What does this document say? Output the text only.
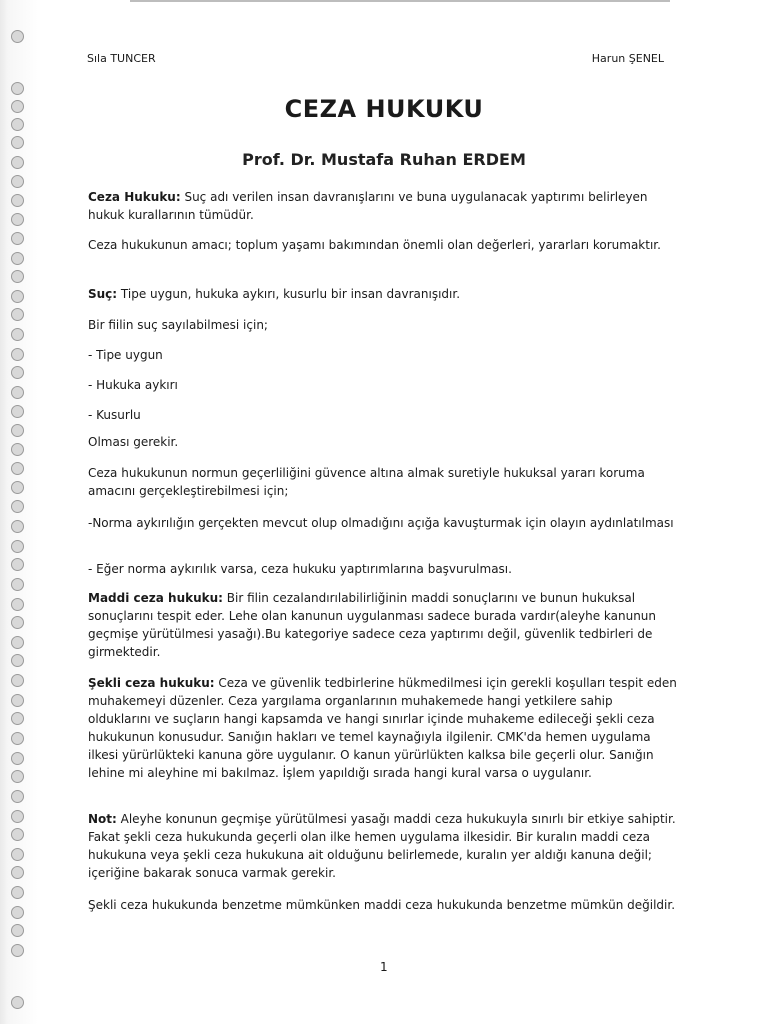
Sıla TUNCER	Harun ŞENEL
CEZA HUKUKU
Prof. Dr. Mustafa Ruhan ERDEM

Ceza Hukuku: Suç adı verilen insan davranışlarını ve buna uygulanacak yaptırımı belirleyen hukuk kurallarının tümüdür.

Ceza hukukunun amacı; toplum yaşamı bakımından önemli olan değerleri, yararları korumaktır.

Suç: Tipe uygun, hukuka aykırı, kusurlu bir insan davranışıdır.

Bir fiilin suç sayılabilmesi için;

- Tipe uygun

- Hukuka aykırı

- Kusurlu

Olması gerekir.

Ceza hukukunun normun geçerliliğini güvence altına almak suretiyle hukuksal yararı koruma amacını gerçekleştirebilmesi için;

-Norma aykırılığın gerçekten mevcut olup olmadığını açığa kavuşturmak için olayın aydınlatılması

- Eğer norma aykırılık varsa, ceza hukuku yaptırımlarına başvurulması.

Maddi ceza hukuku: Bir filin cezalandırılabilirliğinin maddi sonuçlarını ve bunun hukuksal sonuçlarını tespit eder. Lehe olan kanunun uygulanması sadece burada vardır(aleyhe kanunun geçmişe yürütülmesi yasağı).Bu kategoriye sadece ceza yaptırımı değil, güvenlik tedbirleri de girmektedir.

Şekli ceza hukuku: Ceza ve güvenlik tedbirlerine hükmedilmesi için gerekli koşulları tespit eden muhakemeyi düzenler. Ceza yargılama organlarının muhakemede hangi yetkilere sahip olduklarını ve suçların hangi kapsamda ve hangi sınırlar içinde muhakeme edileceği şekli ceza hukukunun konusudur. Sanığın hakları ve temel kaynağıyla ilgilenir. CMK'da hemen uygulama ilkesi yürürlükteki kanuna göre uygulanır. O kanun yürürlükten kalksa bile geçerli olur. Sanığın lehine mi aleyhine mi bakılmaz. İşlem yapıldığı sırada hangi kural varsa o uygulanır.

Not: Aleyhe konunun geçmişe yürütülmesi yasağı maddi ceza hukukuyla sınırlı bir etkiye sahiptir. Fakat şekli ceza hukukunda geçerli olan ilke hemen uygulama ilkesidir. Bir kuralın maddi ceza hukukuna veya şekli ceza hukukuna ait olduğunu belirlemede, kuralın yer aldığı kanuna değil; içeriğine bakarak sonuca varmak gerekir.

Şekli ceza hukukunda benzetme mümkünken maddi ceza hukukunda benzetme mümkün değildir.

1
